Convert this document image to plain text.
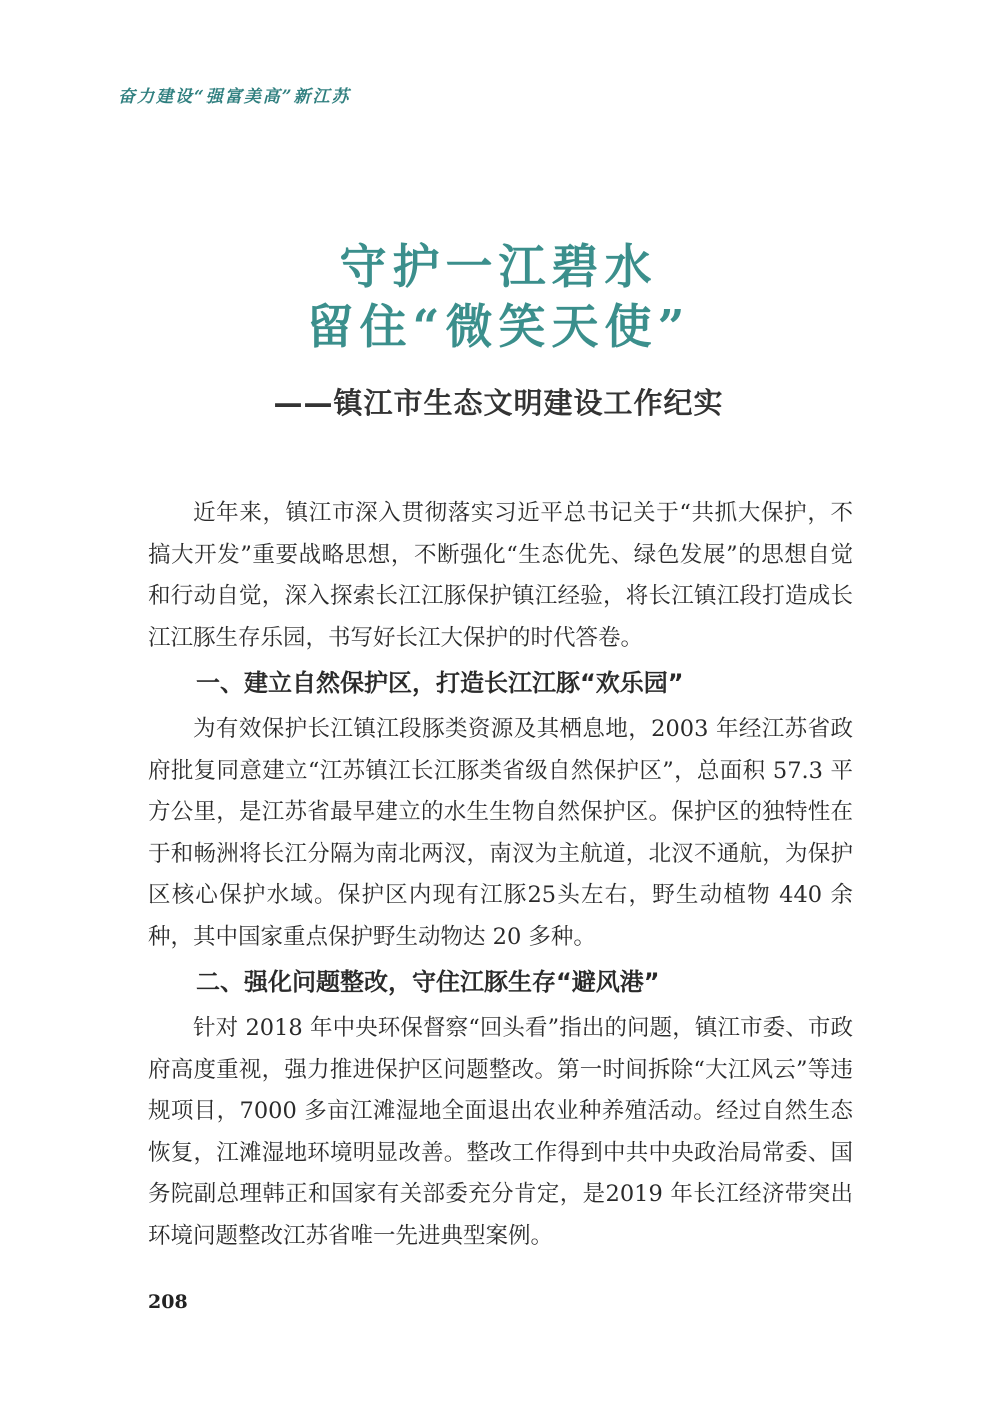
奋力建设“强富美高”新江苏
守护一江碧水
留住“微笑天使”
——镇江市生态文明建设工作纪实

近年来，镇江市深入贯彻落实习近平总书记关于“共抓大保护，不搞大开发”重要战略思想，不断强化“生态优先、绿色发展”的思想自觉和行动自觉，深入探索长江江豚保护镇江经验，将长江镇江段打造成长江江豚生存乐园，书写好长江大保护的时代答卷。

一、建立自然保护区，打造长江江豚“欢乐园”

为有效保护长江镇江段豚类资源及其栖息地，2003 年经江苏省政府批复同意建立“江苏镇江长江豚类省级自然保护区”，总面积 57.3 平方公里，是江苏省最早建立的水生生物自然保护区。保护区的独特性在于和畅洲将长江分隔为南北两汊，南汊为主航道，北汊不通航，为保护区核心保护水域。保护区内现有江豚25头左右，野生动植物 440 余种，其中国家重点保护野生动物达 20 多种。

二、强化问题整改，守住江豚生存“避风港”

针对 2018 年中央环保督察“回头看”指出的问题，镇江市委、市政府高度重视，强力推进保护区问题整改。第一时间拆除“大江风云”等违规项目，7000 多亩江滩湿地全面退出农业种养殖活动。经过自然生态恢复，江滩湿地环境明显改善。整改工作得到中共中央政治局常委、国务院副总理韩正和国家有关部委充分肯定，是2019 年长江经济带突出环境问题整改江苏省唯一先进典型案例。

208
